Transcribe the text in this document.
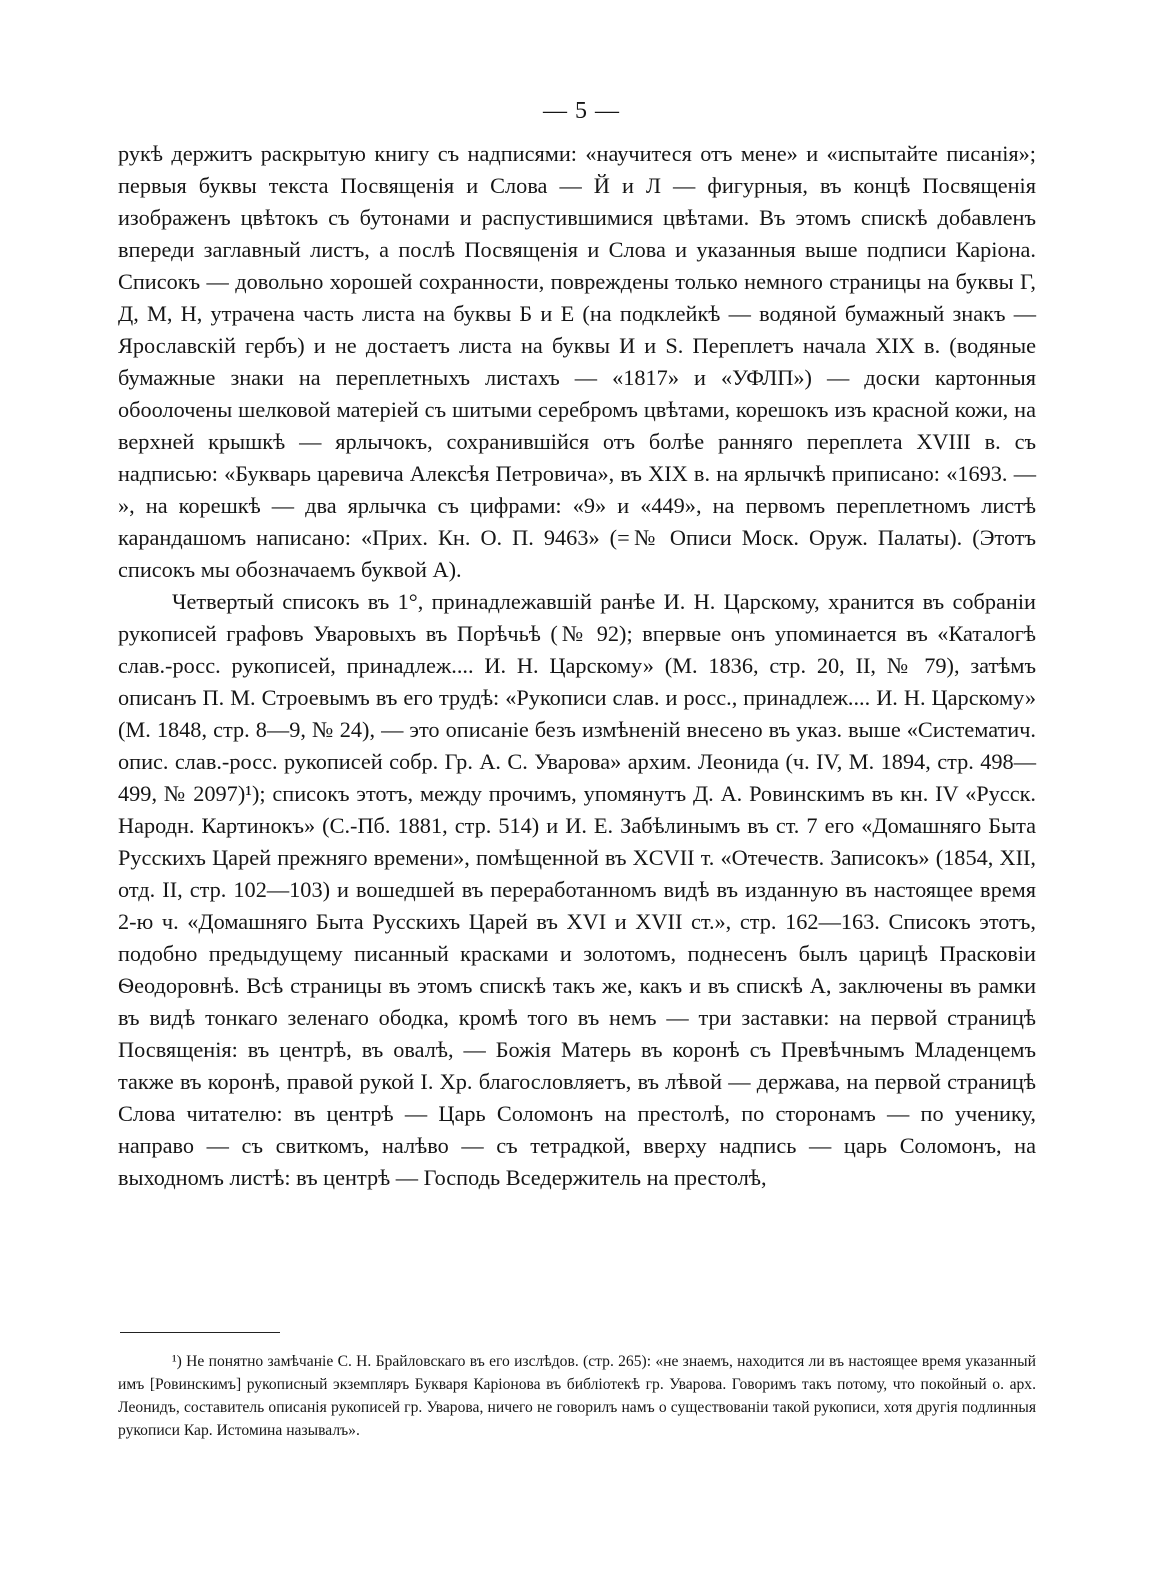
— 5 —

рукѣ держитъ раскрытую книгу съ надписями: «научитеся отъ мене» и «испытайте писанія»; первыя буквы текста Посвященія и Слова — Й и Л — фигурныя, въ концѣ Посвященія изображенъ цвѣтокъ съ бутонами и распустившимися цвѣтами. Въ этомъ спискѣ добавленъ впереди заглавный листъ, а послѣ Посвященія и Слова и указанныя выше подписи Каріона. Списокъ — довольно хорошей сохранности, повреждены только немного страницы на буквы Г, Д, М, Н, утрачена часть листа на буквы Б и Е (на подклейкѣ — водяной бумажный знакъ — Ярославскій гербъ) и не достаетъ листа на буквы И и Ѕ. Переплетъ начала XIX в. (водяные бумажные знаки на переплетныхъ листахъ — «1817» и «УФЛП») — доски картонныя обоолочены шелковой матеріей съ шитыми серебромъ цвѣтами, корешокъ изъ красной кожи, на верхней крышкѣ — ярлычокъ, сохранившійся отъ болѣе ранняго переплета XVIII в. съ надписью: «Букварь царевича Алексѣя Петровича», въ XIX в. на ярлычкѣ приписано: «1693. — », на корешкѣ — два ярлычка съ цифрами: «9» и «449», на первомъ переплетномъ листѣ карандашомъ написано: «Прих. Кн. О. П. 9463» (=№ Описи Моск. Оруж. Палаты). (Этотъ списокъ мы обозначаемъ буквой А).

Четвертый списокъ въ 1°, принадлежавшій ранѣе И. Н. Царскому, хранится въ собраніи рукописей графовъ Уваровыхъ въ Порѣчьѣ (№ 92); впервые онъ упоминается въ «Каталогѣ слав.-росс. рукописей, принадлеж.... И. Н. Царскому» (М. 1836, стр. 20, II, № 79), затѣмъ описанъ П. М. Строевымъ въ его трудѣ: «Рукописи слав. и росс., принадлеж.... И. Н. Царскому» (М. 1848, стр. 8—9, № 24), — это описаніе безъ измѣненій внесено въ указ. выше «Систематич. опис. слав.-росс. рукописей собр. Гр. А. С. Уварова» архим. Леонида (ч. IV, М. 1894, стр. 498—499, № 2097)¹); списокъ этотъ, между прочимъ, упомянутъ Д. А. Ровинскимъ въ кн. IV «Русск. Народн. Картинокъ» (С.-Пб. 1881, стр. 514) и И. Е. Забѣлинымъ въ ст. 7 его «Домашняго Быта Русскихъ Царей прежняго времени», помѣщенной въ XCVII т. «Отечеств. Записокъ» (1854, XII, отд. II, стр. 102—103) и вошедшей въ переработанномъ видѣ въ изданную въ настоящее время 2-ю ч. «Домашняго Быта Русскихъ Царей въ XVI и XVII ст.», стр. 162—163. Списокъ этотъ, подобно предыдущему писанный красками и золотомъ, поднесенъ былъ царицѣ Прасковіи Ѳеодоровнѣ. Всѣ страницы въ этомъ спискѣ такъ же, какъ и въ спискѣ А, заключены въ рамки въ видѣ тонкаго зеленаго ободка, кромѣ того въ немъ — три заставки: на первой страницѣ Посвященія: въ центрѣ, въ овалѣ, — Божія Матерь въ коронѣ съ Превѣчнымъ Младенцемъ также въ коронѣ, правой рукой І. Хр. благословляетъ, въ лѣвой — держава, на первой страницѣ Слова читателю: въ центрѣ — Царь Соломонъ на престолѣ, по сторонамъ — по ученику, направо — съ свиткомъ, налѣво — съ тетрадкой, вверху надпись — царь Соломонъ, на выходномъ листѣ: въ центрѣ — Господь Вседержитель на престолѣ,

¹) Не понятно замѣчаніе С. Н. Брайловскаго въ его изслѣдов. (стр. 265): «не знаемъ, находится ли въ настоящее время указанный имъ [Ровинскимъ] рукописный экземпляръ Букваря Каріонова въ библіотекѣ гр. Уварова. Говоримъ такъ потому, что покойный о. арх. Леонидъ, составитель описанія рукописей гр. Уварова, ничего не говорилъ намъ о существованіи такой рукописи, хотя другія подлинныя рукописи Кар. Истомина называлъ».
